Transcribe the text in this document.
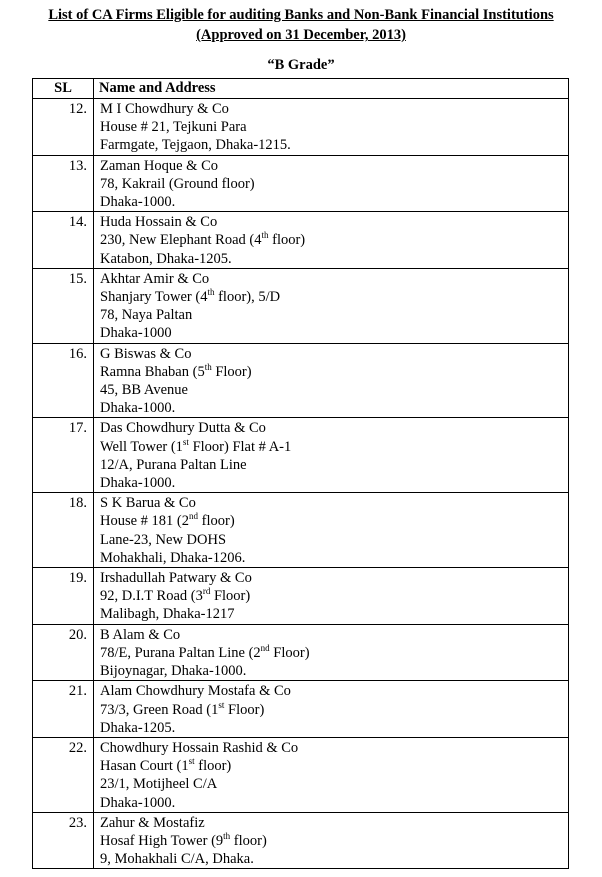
List of CA Firms Eligible for auditing Banks and Non-Bank Financial Institutions
(Approved on 31 December, 2013)
“B Grade”
SL	Name and Address
12.	M I Chowdhury & Co
House # 21, Tejkuni Para
Farmgate, Tejgaon, Dhaka-1215.

13.	Zaman Hoque & Co
78, Kakrail (Ground floor)
Dhaka-1000.

14.	Huda Hossain & Co
230, New Elephant Road (4th floor)
Katabon, Dhaka-1205.

15.	Akhtar Amir & Co
Shanjary Tower (4th floor), 5/D
78, Naya Paltan
Dhaka-1000

16.	G Biswas & Co
Ramna Bhaban (5th Floor)
45, BB Avenue
Dhaka-1000.

17.	Das Chowdhury Dutta & Co
Well Tower (1st Floor) Flat # A-1
12/A, Purana Paltan Line
Dhaka-1000.

18.	S K Barua & Co
House # 181 (2nd floor)
Lane-23, New DOHS
Mohakhali, Dhaka-1206.

19.	Irshadullah Patwary & Co
92, D.I.T Road (3rd Floor)
Malibagh, Dhaka-1217

20.	B Alam & Co
78/E, Purana Paltan Line (2nd Floor)
Bijoynagar, Dhaka-1000.

21.	Alam Chowdhury Mostafa & Co
73/3, Green Road (1st Floor)
Dhaka-1205.

22.	Chowdhury Hossain Rashid & Co
Hasan Court (1st floor)
23/1, Motijheel C/A
Dhaka-1000.

23.	Zahur & Mostafiz
Hosaf High Tower (9th floor)
9, Mohakhali C/A, Dhaka.
